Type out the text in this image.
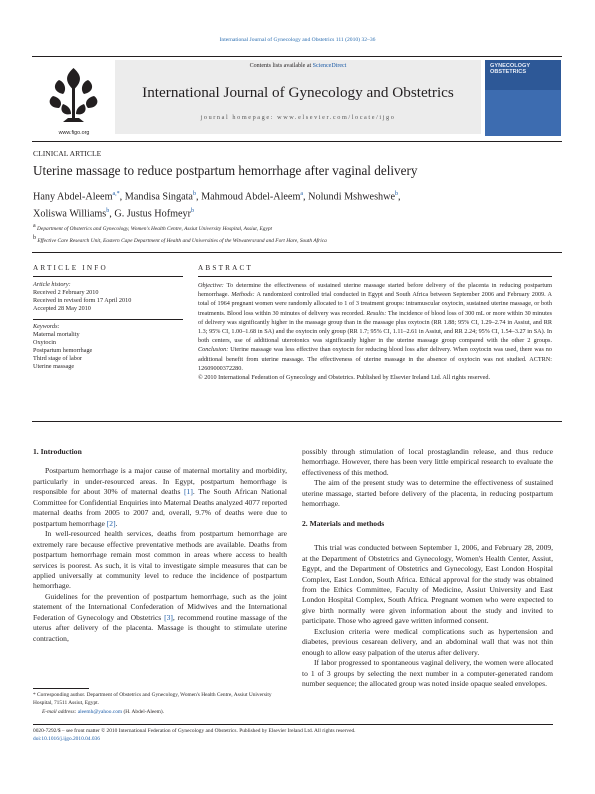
International Journal of Gynecology and Obstetrics 111 (2010) 32–36
www.figo.org
Contents lists available at ScienceDirect
International Journal of Gynecology and Obstetrics
journal homepage: www.elsevier.com/locate/ijgo
GYNECOLOGY OBSTETRICS
CLINICAL ARTICLE
Uterine massage to reduce postpartum hemorrhage after vaginal delivery
Hany Abdel-Aleem$^{a,*}$, Mandisa Singata$^b$, Mahmoud Abdel-Aleem$^a$, Nolundi Mshweshwe$^b$,
Xoliswa Williams$^b$, G. Justus Hofmeyr$^b$
a Department of Obstetrics and Gynecology, Women's Health Centre, Assiut University Hospital, Assiut, Egypt
b Effective Care Research Unit, Eastern Cape Department of Health and Universities of the Witwatersrand and Fort Hare, South Africa
ARTICLE INFO
Article history:
Received 2 February 2010
Received in revised form 17 April 2010
Accepted 28 May 2010
Keywords:
Maternal mortality
Oxytocin
Postpartum hemorrhage
Third stage of labor
Uterine massage
ABSTRACT
Objective: To determine the effectiveness of sustained uterine massage started before delivery of the placenta in reducing postpartum hemorrhage. Methods: A randomized controlled trial conducted in Egypt and South Africa between September 2006 and February 2009. A total of 1964 pregnant women were randomly allocated to 1 of 3 treatment groups: intramuscular oxytocin, sustained uterine massage, or both treatments. Blood loss within 30 minutes of delivery was recorded. Results: The incidence of blood loss of 300 mL or more within 30 minutes of delivery was significantly higher in the massage group than in the massage plus oxytocin (RR 1.88; 95% CI, 1.29–2.74 in Assiut, and RR 1.3; 95% CI, 1.00–1.68 in SA) and the oxytocin only group (RR 1.7; 95% CI, 1.11–2.61 in Assiut, and RR 2.24; 95% CI, 1.54–3.27 in SA). In both centers, use of additional uterotonics was significantly higher in the uterine massage group compared with the other 2 groups. Conclusion: Uterine massage was less effective than oxytocin for reducing blood loss after delivery. When oxytocin was used, there was no additional benefit from uterine massage. The effectiveness of uterine massage in the absence of oxytocin was not studied. ACTRN: 12609000372280.
© 2010 International Federation of Gynecology and Obstetrics. Published by Elsevier Ireland Ltd. All rights reserved.
1. Introduction

Postpartum hemorrhage is a major cause of maternal mortality and morbidity, particularly in under-resourced areas. In Egypt, postpartum hemorrhage is responsible for about 30% of maternal deaths [1]. The South African National Committee for Confidential Enquiries into Maternal Deaths analyzed 4077 reported maternal deaths from 2005 to 2007 and, overall, 9.7% of deaths were due to postpartum hemorrhage [2].

In well-resourced health services, deaths from postpartum hemorrhage are extremely rare because effective preventative methods are available. Deaths from postpartum hemorrhage remain most common in areas where access to health services is poorest. As such, it is vital to investigate simple measures that can be applied universally at community level to reduce the incidence of postpartum hemorrhage.

Guidelines for the prevention of postpartum hemorrhage, such as the joint statement of the International Confederation of Midwives and the International Federation of Gynecology and Obstetrics [3], recommend routine massage of the uterus after delivery of the placenta. Massage is thought to stimulate uterine contraction,

possibly through stimulation of local prostaglandin release, and thus reduce hemorrhage. However, there has been very little empirical research to evaluate the effectiveness of this method.

The aim of the present study was to determine the effectiveness of sustained uterine massage, started before delivery of the placenta, in reducing postpartum hemorrhage.

2. Materials and methods

This trial was conducted between September 1, 2006, and February 28, 2009, at the Department of Obstetrics and Gynecology, Women's Health Center, Assiut, Egypt, and the Department of Obstetrics and Gynecology, East London Hospital Complex, East London, South Africa. Ethical approval for the study was obtained from the Ethics Committee, Faculty of Medicine, Assiut University and East London Hospital Complex, South Africa. Pregnant women who were expected to give birth normally were given information about the study and invited to participate. Those who agreed gave written informed consent.

Exclusion criteria were medical complications such as hypertension and diabetes, previous cesarean delivery, and an abdominal wall that was not thin enough to allow easy palpation of the uterus after delivery.

If labor progressed to spontaneous vaginal delivery, the women were allocated to 1 of 3 groups by selecting the next number in a computer-generated random number sequence; the allocated group was noted inside opaque sealed envelopes.

* Corresponding author. Department of Obstetrics and Gynecology, Women's Health Centre, Assiut University Hospital, 71511 Assiut, Egypt.
E-mail address: aleemh@yahoo.com (H. Abdel-Aleem).
0020-7292/$ – see front matter © 2010 International Federation of Gynecology and Obstetrics. Published by Elsevier Ireland Ltd. All rights reserved.
doi:10.1016/j.ijgo.2010.04.036
